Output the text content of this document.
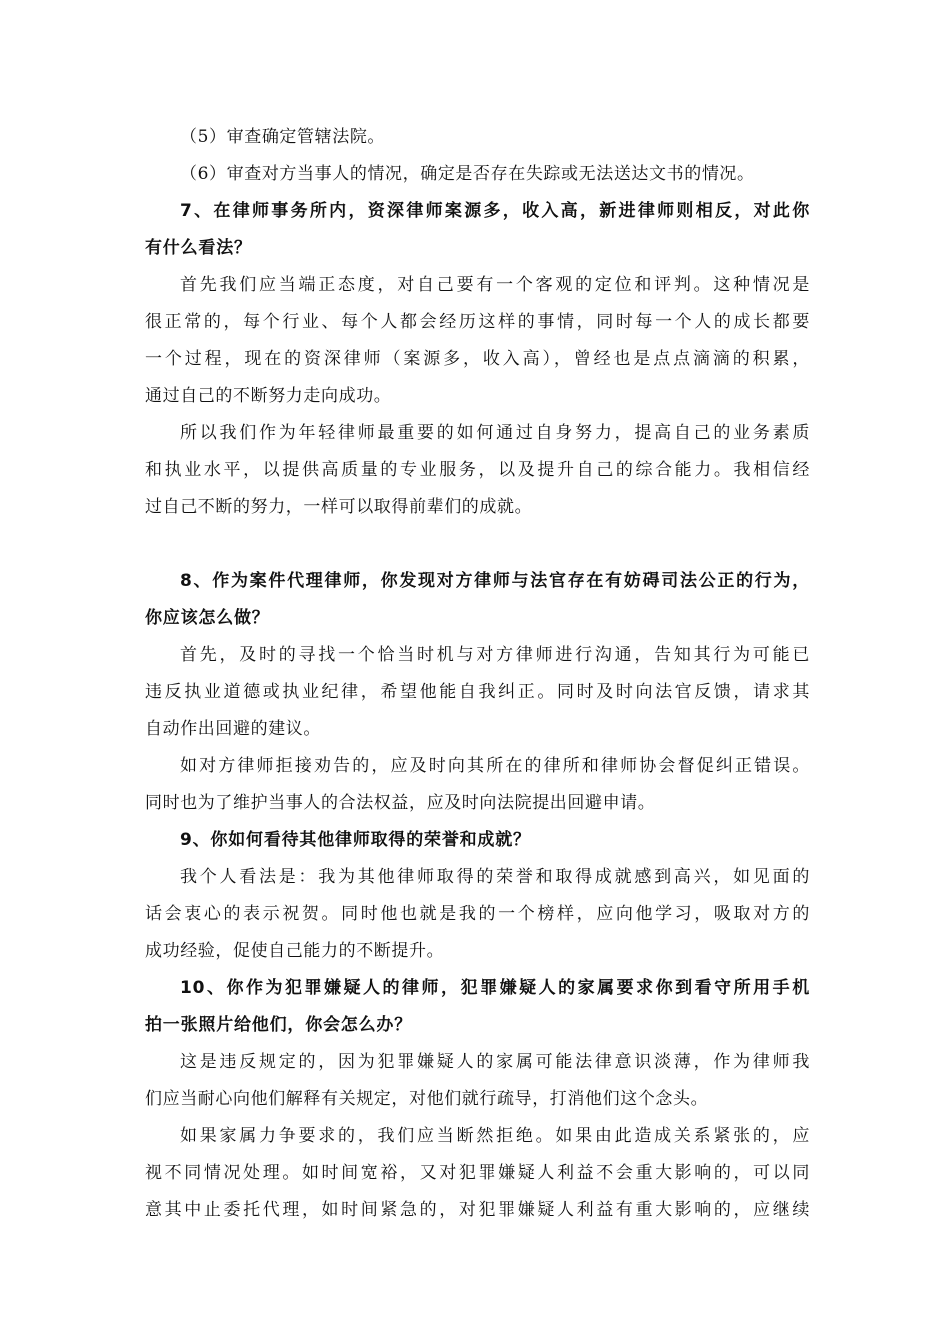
（5）审查确定管辖法院。
（6）审查对方当事人的情况，确定是否存在失踪或无法送达文书的情况。
7、在律师事务所内，资深律师案源多，收入高，新进律师则相反，对此你
有什么看法？
首先我们应当端正态度，对自己要有一个客观的定位和评判。这种情况是
很正常的，每个行业、每个人都会经历这样的事情，同时每一个人的成长都要
一个过程，现在的资深律师（案源多，收入高），曾经也是点点滴滴的积累，
通过自己的不断努力走向成功。
所以我们作为年轻律师最重要的如何通过自身努力，提高自己的业务素质
和执业水平，以提供高质量的专业服务，以及提升自己的综合能力。我相信经
过自己不断的努力，一样可以取得前辈们的成就。
8、作为案件代理律师，你发现对方律师与法官存在有妨碍司法公正的行为，
你应该怎么做？
首先，及时的寻找一个恰当时机与对方律师进行沟通，告知其行为可能已
违反执业道德或执业纪律，希望他能自我纠正。同时及时向法官反馈，请求其
自动作出回避的建议。
如对方律师拒接劝告的，应及时向其所在的律所和律师协会督促纠正错误。
同时也为了维护当事人的合法权益，应及时向法院提出回避申请。
9、你如何看待其他律师取得的荣誉和成就？
我个人看法是：我为其他律师取得的荣誉和取得成就感到高兴，如见面的
话会衷心的表示祝贺。同时他也就是我的一个榜样，应向他学习，吸取对方的
成功经验，促使自己能力的不断提升。
10、你作为犯罪嫌疑人的律师，犯罪嫌疑人的家属要求你到看守所用手机
拍一张照片给他们，你会怎么办？
这是违反规定的，因为犯罪嫌疑人的家属可能法律意识淡薄，作为律师我
们应当耐心向他们解释有关规定，对他们就行疏导，打消他们这个念头。
如果家属力争要求的，我们应当断然拒绝。如果由此造成关系紧张的，应
视不同情况处理。如时间宽裕，又对犯罪嫌疑人利益不会重大影响的，可以同
意其中止委托代理，如时间紧急的，对犯罪嫌疑人利益有重大影响的，应继续
